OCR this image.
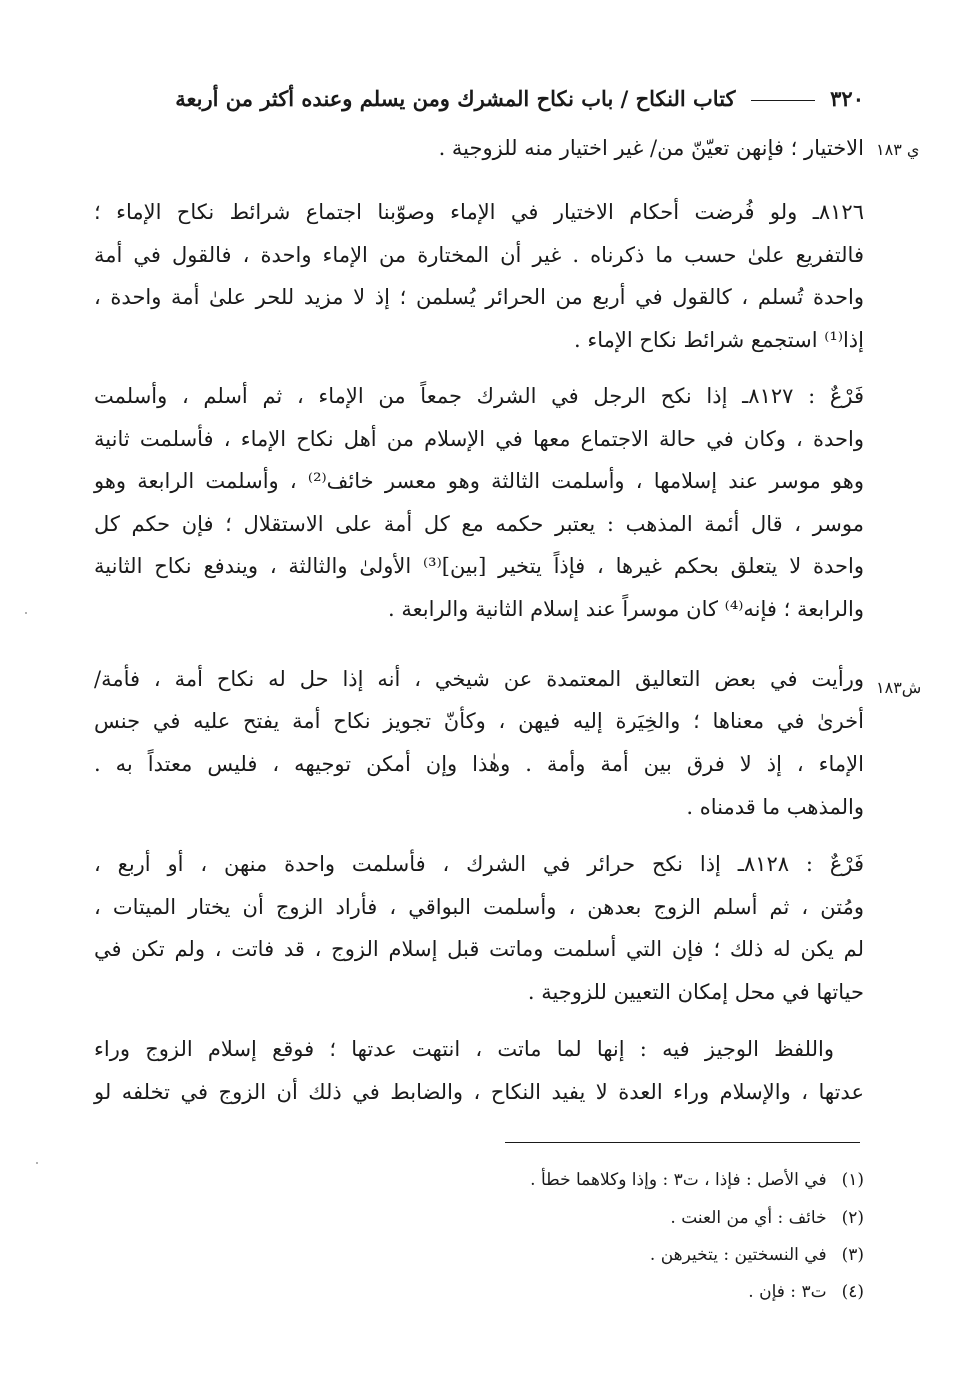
٣٢٠  كتاب النكاح / باب نكاح المشرك ومن يسلم وعنده أكثر من أربعة
ي ١٨٣
ش١٨٣
الاختيار ؛ فإنهن تعيّنّ من/ غير اختيار منه للزوجية .
٨١٢٦ـ ولو فُرضت أحكام الاختيار في الإماء وصوّبنا اجتماع شرائط نكاح الإماء ؛
فالتفريع علىٰ حسب ما ذكرناه . غير أن المختارة من الإماء واحدة ، فالقول في أمة
واحدة تُسلم ، كالقول في أربع من الحرائر يُسلمن ؛ إذ لا مزيد للحر علىٰ أمة واحدة ،
إذا⁽¹⁾ استجمع شرائط نكاح الإماء .
فَرْعٌ : ٨١٢٧ـ إذا نكح الرجل في الشرك جمعاً من الإماء ، ثم أسلم ، وأسلمت
واحدة ، وكان في حالة الاجتماع معها في الإسلام من أهل نكاح الإماء ، فأسلمت ثانية
وهو موسر عند إسلامها ، وأسلمت الثالثة وهو معسر خائف⁽²⁾ ، وأسلمت الرابعة وهو
موسر ، قال أئمة المذهب : يعتبر حكمه مع كل أمة على الاستقلال ؛ فإن حكم كل
واحدة لا يتعلق بحكم غيرها ، فإذاً يتخير [بين]⁽³⁾ الأولىٰ والثالثة ، ويندفع نكاح الثانية
والرابعة ؛ فإنه⁽⁴⁾ كان موسراً عند إسلام الثانية والرابعة .
ورأيت في بعض التعاليق المعتمدة عن شيخي ، أنه إذا حل له نكاح أمة ، فأمة/
أخرىٰ في معناها ؛ والخِيَرة إليه فيهن ، وكأنّ تجويز نكاح أمة يفتح عليه في جنس
الإماء ، إذ لا فرق بين أمة وأمة . وهٰذا وإن أمكن توجيهه ، فليس معتداً به .
والمذهب ما قدمناه .
فَرْعٌ : ٨١٢٨ـ إذا نكح حرائر في الشرك ، فأسلمت واحدة منهن ، أو أربع ،
ومُتن ، ثم أسلم الزوج بعدهن ، وأسلمت البواقي ، فأراد الزوج أن يختار الميتات ،
لم يكن له ذلك ؛ فإن التي أسلمت وماتت قبل إسلام الزوج ، قد فاتت ، ولم تكن في
حياتها في محل إمكان التعيين للزوجية .
واللفظ الوجيز فيه : إنها لما ماتت ، انتهت عدتها ؛ فوقع إسلام الزوج وراء
عدتها ، والإسلام وراء العدة لا يفيد النكاح ، والضابط في ذلك أن الزوج في تخلفه لو
(١) في الأصل : فإذا ، ت٣ : وإذا وكلاهما خطأ .
(٢) خائف : أي من العنت .
(٣) في النسختين : يتخيرهن .
(٤) ت٣ : فإن .
